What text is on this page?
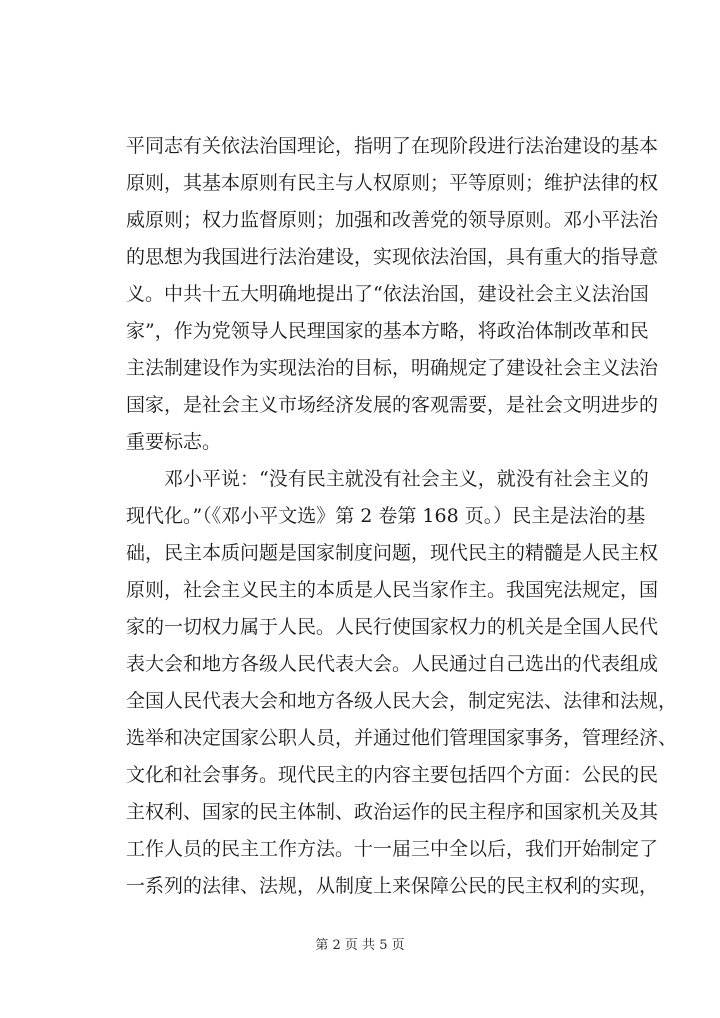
平同志有关依法治国理论，指明了在现阶段进行法治建设的基本
原则，其基本原则有民主与人权原则；平等原则；维护法律的权
威原则；权力监督原则；加强和改善党的领导原则。邓小平法治
的思想为我国进行法治建设，实现依法治国，具有重大的指导意
义。中共十五大明确地提出了“依法治国，建设社会主义法治国
家”，作为党领导人民理国家的基本方略，将政治体制改革和民
主法制建设作为实现法治的目标，明确规定了建设社会主义法治
国家，是社会主义市场经济发展的客观需要，是社会文明进步的
重要标志。
邓小平说：“没有民主就没有社会主义，就没有社会主义的
现代化。”（《邓小平文选》第 2 卷第 168 页。）民主是法治的基
础，民主本质问题是国家制度问题，现代民主的精髓是人民主权
原则，社会主义民主的本质是人民当家作主。我国宪法规定，国
家的一切权力属于人民。人民行使国家权力的机关是全国人民代
表大会和地方各级人民代表大会。人民通过自己选出的代表组成
全国人民代表大会和地方各级人民大会，制定宪法、法律和法规，
选举和决定国家公职人员，并通过他们管理国家事务，管理经济、
文化和社会事务。现代民主的内容主要包括四个方面：公民的民
主权利、国家的民主体制、政治运作的民主程序和国家机关及其
工作人员的民主工作方法。十一届三中全以后，我们开始制定了
一系列的法律、法规，从制度上来保障公民的民主权利的实现，
第 2 页 共 5 页
